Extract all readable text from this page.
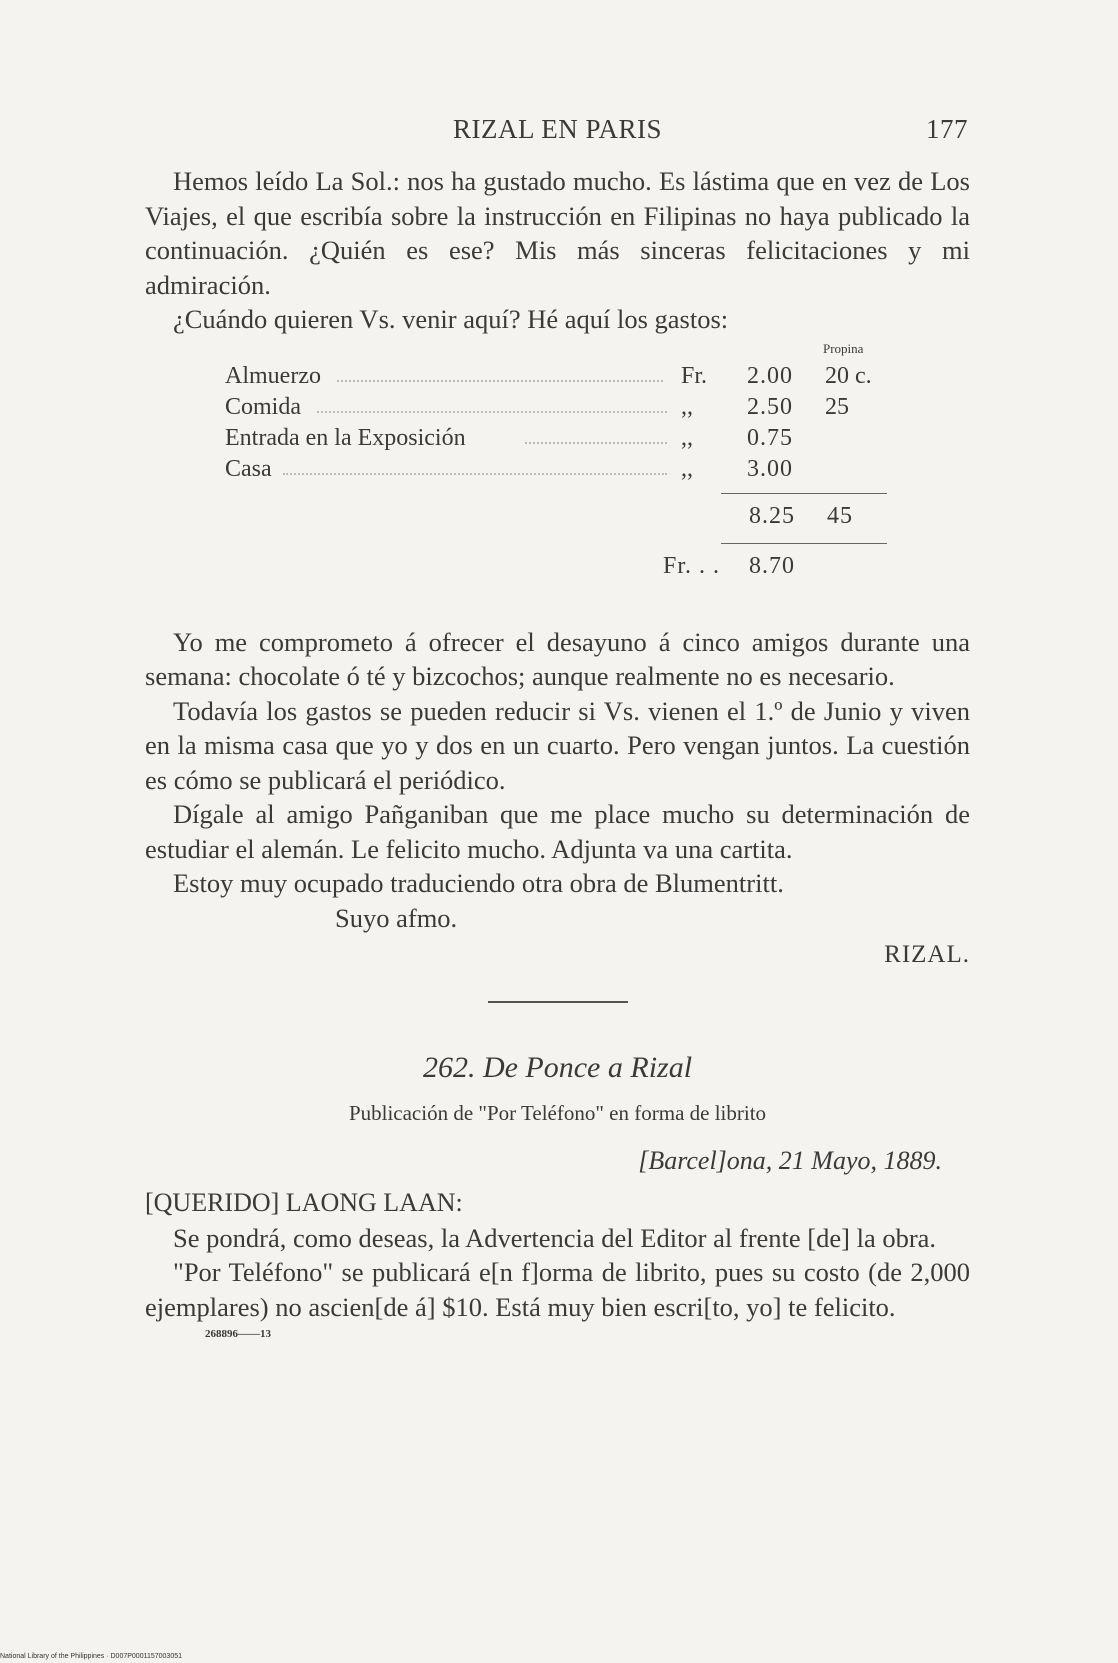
RIZAL EN PARIS	177

Hemos leído La Sol.: nos ha gustado mucho. Es lástima que en vez de Los Viajes, el que escribía sobre la instrucción en Filipinas no haya publicado la continuación. ¿Quién es ese? Mis más sinceras felicitaciones y mi admiración.

¿Cuándo quieren Vs. venir aquí? Hé aquí los gastos:

Propina
Almuerzo	Fr. 2.00 20 c.
Comida	,, 2.50 25
Entrada en la Exposición	,, 0.75
Casa	,, 3.00
8.25 45
Fr. . . 8.70

Yo me comprometo á ofrecer el desayuno á cinco amigos durante una semana: chocolate ó té y bizcochos; aunque realmente no es necesario.

Todavía los gastos se pueden reducir si Vs. vienen el 1.º de Junio y viven en la misma casa que yo y dos en un cuarto. Pero vengan juntos. La cuestión es cómo se publicará el periódico.

Dígale al amigo Pañganiban que me place mucho su determinación de estudiar el alemán. Le felicito mucho. Adjunta va una cartita.

Estoy muy ocupado traduciendo otra obra de Blumentritt.

Suyo afmo.

RIZAL.
262. De Ponce a Rizal
Publicación de "Por Teléfono" en forma de librito
[Barcel]ona, 21 Mayo, 1889.

[QUERIDO] LAONG LAAN:

Se pondrá, como deseas, la Advertencia del Editor al frente [de] la obra.

"Por Teléfono" se publicará e[n f]orma de librito, pues su costo (de 2,000 ejemplares) no ascien[de á] $10. Está muy bien escri[to, yo] te felicito.

268896——13
National Library of the Philippines · D007P0001157003051
